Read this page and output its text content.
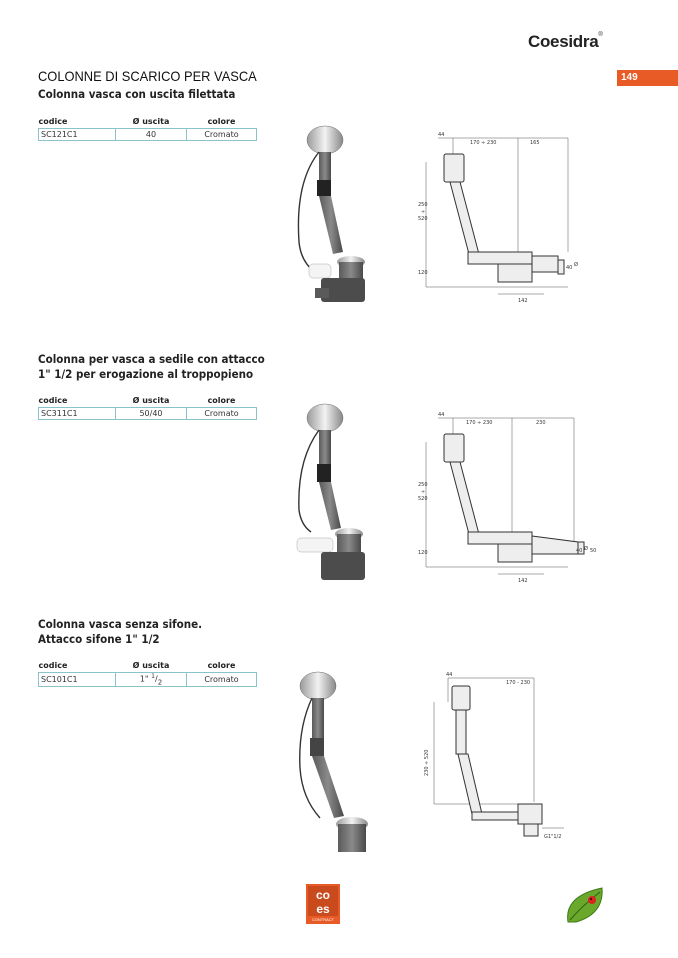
Coesidra®
149
COLONNE DI SCARICO PER VASCA
Colonna vasca con uscita filettata
codice	Ø uscita	colore
SC121C1	40	Cromato	44
170 ÷ 230	165
250
÷
520
120
40 Ø
142
Colonna per vasca a sedile con attacco
1" 1/2 per erogazione al troppopieno
codice	Ø uscita	colore
SC311C1	50/40	Cromato	44
170 ÷ 230	230
250
÷
520
120	40 50
Ø
142
Colonna vasca senza sifone.
Attacco sifone 1" 1/2
codice	Ø uscita	colore
SC101C1	1" $^1/_2$	Cromato	44
170 - 230
230 ÷ 520
G1"1/2
co
es
CONTRACT
